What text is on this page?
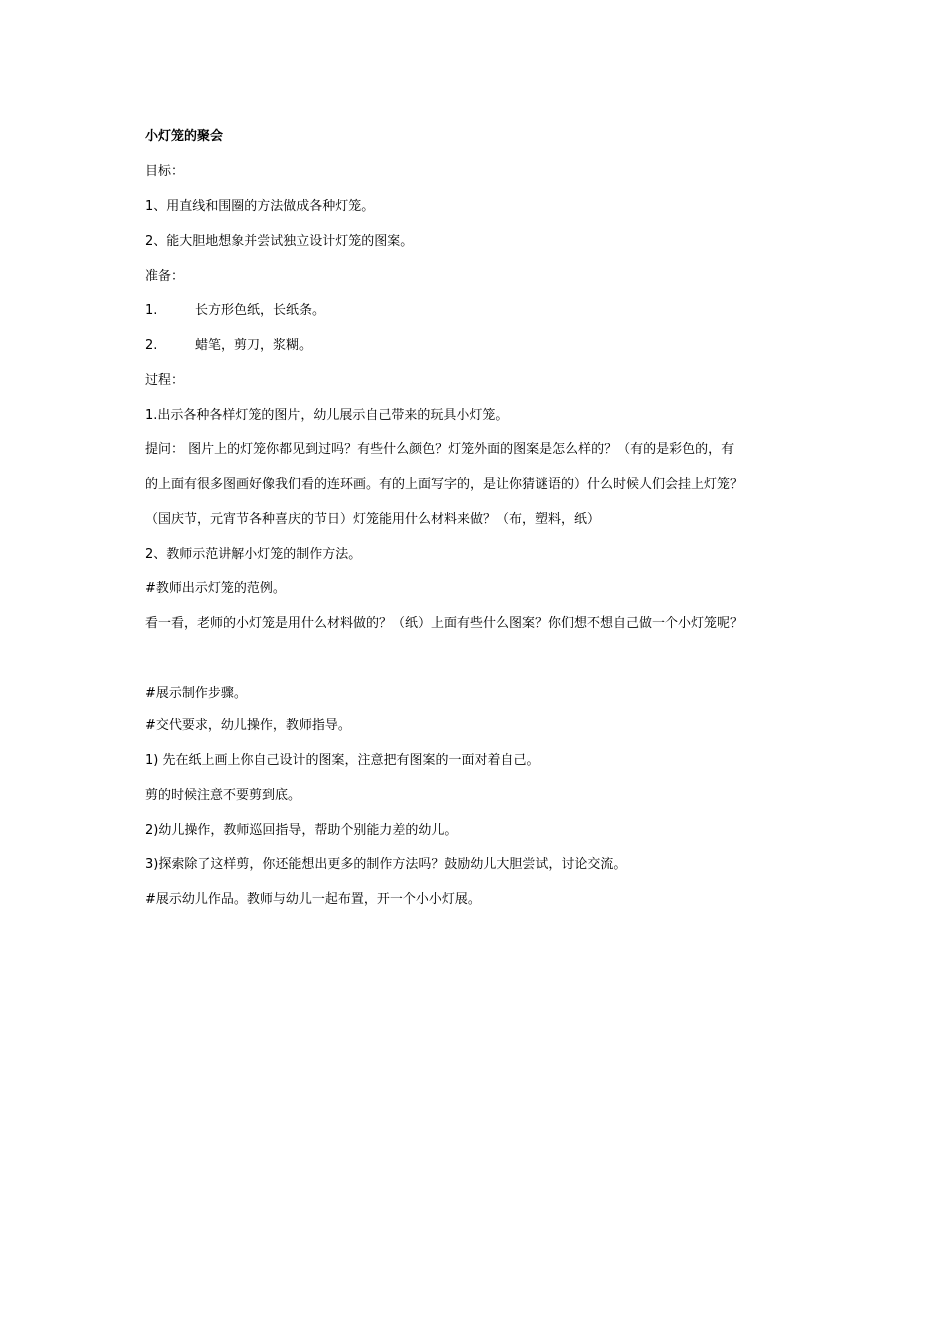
小灯笼的聚会
目标：
1、用直线和围圈的方法做成各种灯笼。
2、能大胆地想象并尝试独立设计灯笼的图案。
准备：
1.	长方形色纸，长纸条。
2.	蜡笔，剪刀，浆糊。
过程：
1.出示各种各样灯笼的图片，幼儿展示自己带来的玩具小灯笼。
提问： 图片上的灯笼你都见到过吗？有些什么颜色？灯笼外面的图案是怎么样的？（有的是彩色的，有
的上面有很多图画好像我们看的连环画。有的上面写字的，是让你猜谜语的）什么时候人们会挂上灯笼？
（国庆节，元宵节各种喜庆的节日）灯笼能用什么材料来做？（布，塑料，纸）
2、教师示范讲解小灯笼的制作方法。
#教师出示灯笼的范例。
看一看，老师的小灯笼是用什么材料做的？（纸）上面有些什么图案？你们想不想自己做一个小灯笼呢？
#展示制作步骤。
#交代要求，幼儿操作，教师指导。
1) 先在纸上画上你自己设计的图案，注意把有图案的一面对着自己。
剪的时候注意不要剪到底。
2)幼儿操作，教师巡回指导，帮助个别能力差的幼儿。
3)探索除了这样剪，你还能想出更多的制作方法吗？鼓励幼儿大胆尝试，讨论交流。
#展示幼儿作品。教师与幼儿一起布置，开一个小小灯展。
